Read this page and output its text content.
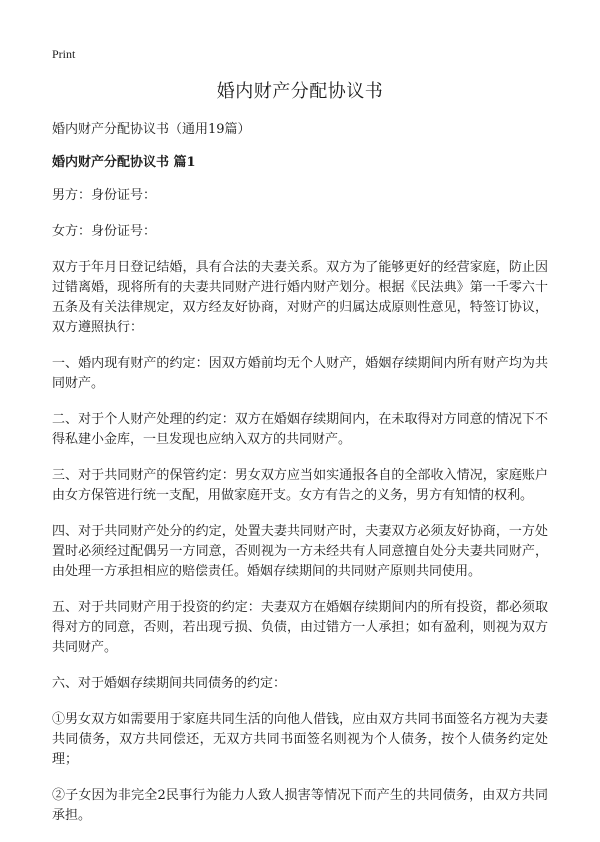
Print
婚内财产分配协议书

婚内财产分配协议书（通用19篇）

婚内财产分配协议书 篇1

男方：身份证号：

女方：身份证号：

双方于年月日登记结婚，具有合法的夫妻关系。双方为了能够更好的经营家庭，防止因过错离婚，现将所有的夫妻共同财产进行婚内财产划分。根据《民法典》第一千零六十五条及有关法律规定，双方经友好协商，对财产的归属达成原则性意见，特签订协议，双方遵照执行：

一、婚内现有财产的约定：因双方婚前均无个人财产，婚姻存续期间内所有财产均为共同财产。

二、对于个人财产处理的约定：双方在婚姻存续期间内，在未取得对方同意的情况下不得私建小金库，一旦发现也应纳入双方的共同财产。

三、对于共同财产的保管约定：男女双方应当如实通报各自的全部收入情况，家庭账户由女方保管进行统一支配，用做家庭开支。女方有告之的义务，男方有知情的权利。

四、对于共同财产处分的约定，处置夫妻共同财产时，夫妻双方必须友好协商，一方处置时必须经过配偶另一方同意，否则视为一方未经共有人同意擅自处分夫妻共同财产，由处理一方承担相应的赔偿责任。婚姻存续期间的共同财产原则共同使用。

五、对于共同财产用于投资的约定：夫妻双方在婚姻存续期间内的所有投资，都必须取得对方的同意，否则，若出现亏损、负债，由过错方一人承担；如有盈利，则视为双方共同财产。

六、对于婚姻存续期间共同债务的约定：

①男女双方如需要用于家庭共同生活的向他人借钱，应由双方共同书面签名方视为夫妻共同债务，双方共同偿还，无双方共同书面签名则视为个人债务，按个人债务约定处理；

②子女因为非完全2民事行为能力人致人损害等情况下而产生的共同债务，由双方共同承担。
